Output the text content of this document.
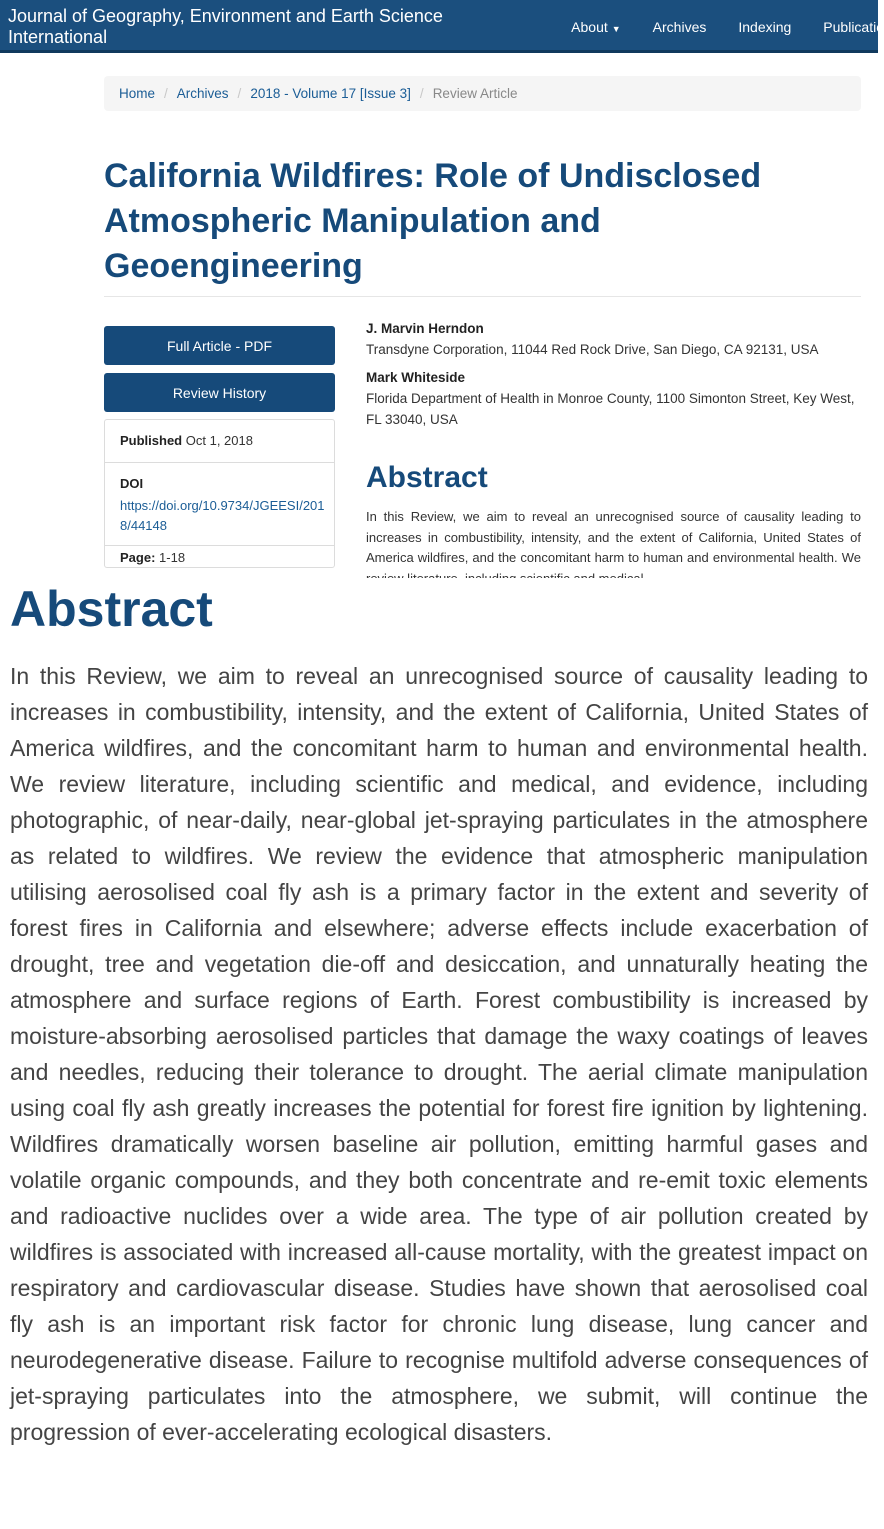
Journal of Geography, Environment and Earth Science International
About ▼ Archives Indexing Publicatio
Home / Archives / 2018 - Volume 17 [Issue 3] / Review Article
California Wildfires: Role of Undisclosed Atmospheric Manipulation and Geoengineering
Full Article - PDF
Review History
Published Oct 1, 2018
DOI
https://doi.org/10.9734/JGEESI/2018/44148
Page: 1-18
J. Marvin Herndon
Transdyne Corporation, 11044 Red Rock Drive, San Diego, CA 92131, USA
Mark Whiteside
Florida Department of Health in Monroe County, 1100 Simonton Street, Key West, FL 33040, USA
Abstract

In this Review, we aim to reveal an unrecognised source of causality leading to increases in combustibility, intensity, and the extent of California, United States of America wildfires, and the concomitant harm to human and environmental health. We

Abstract

In this Review, we aim to reveal an unrecognised source of causality leading to increases in combustibility, intensity, and the extent of California, United States of America wildfires, and the concomitant harm to human and environmental health. We review literature, including scientific and medical, and evidence, including photographic, of near-daily, near-global jet-spraying particulates in the atmosphere as related to wildfires. We review the evidence that atmospheric manipulation utilising aerosolised coal fly ash is a primary factor in the extent and severity of forest fires in California and elsewhere; adverse effects include exacerbation of drought, tree and vegetation die-off and desiccation, and unnaturally heating the atmosphere and surface regions of Earth. Forest combustibility is increased by moisture-absorbing aerosolised particles that damage the waxy coatings of leaves and needles, reducing their tolerance to drought. The aerial climate manipulation using coal fly ash greatly increases the potential for forest fire ignition by lightening. Wildfires dramatically worsen baseline air pollution, emitting harmful gases and volatile organic compounds, and they both concentrate and re-emit toxic elements and radioactive nuclides over a wide area. The type of air pollution created by wildfires is associated with increased all-cause mortality, with the greatest impact on respiratory and cardiovascular disease. Studies have shown that aerosolised coal fly ash is an important risk factor for chronic lung disease, lung cancer and neurodegenerative disease. Failure to recognise multifold adverse consequences of jet-spraying particulates into the atmosphere, we submit, will continue the progression of ever-accelerating ecological disasters.
